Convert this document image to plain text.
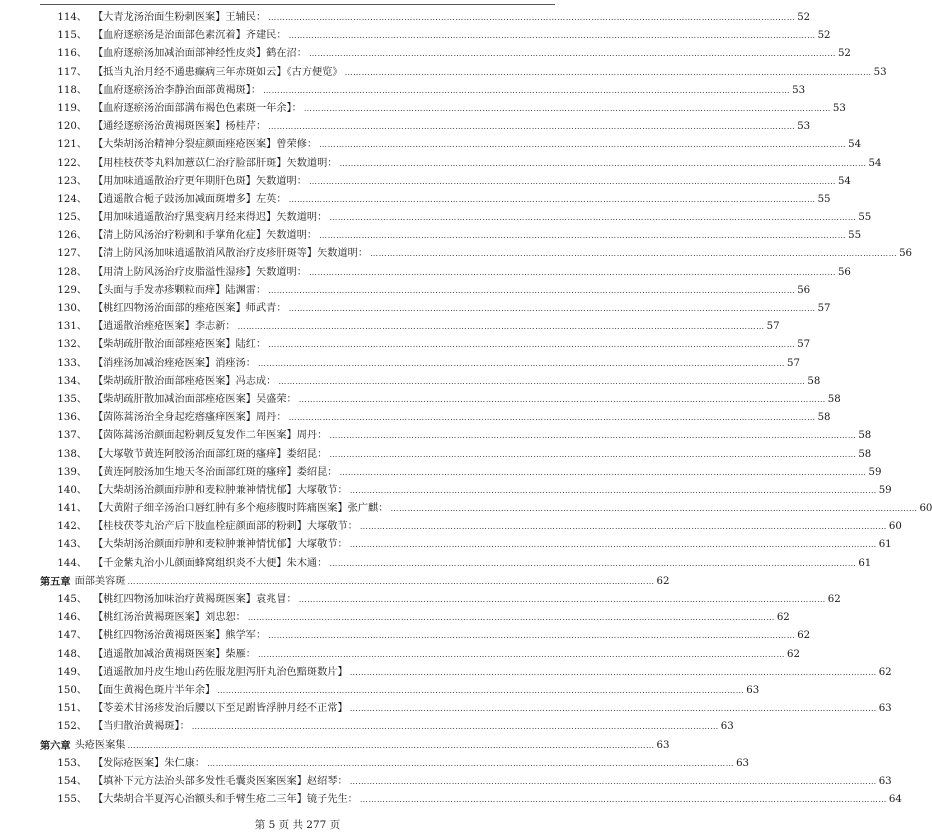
114、 【大青龙汤治面生粉刺医案】王辅民： ……………………………………………………………………………………………………………………………………………………………………	52
115、 【血府逐瘀汤是治面部色素沉着】齐建民： ……………………………………………………………………………………………………………………………………………………………………	52
116、 【血府逐瘀汤加减治面部神经性皮炎】鹤在沼： ……………………………………………………………………………………………………………………………………………………………………	52
117、 【抵当丸治月经不通患癫病三年赤斑如云】《古方便览》 ……………………………………………………………………………………………………………………………………………………………………	53
118、 【血府逐瘀汤治李静治面部黄褐斑】： ……………………………………………………………………………………………………………………………………………………………………	53
119、 【血府逐瘀汤治面部满布褐色色素斑一年余】： ……………………………………………………………………………………………………………………………………………………………………	53
120、 【通经逐瘀汤治黄褐斑医案】杨桂芹： ……………………………………………………………………………………………………………………………………………………………………	53
121、 【大柴胡汤治精神分裂症颜面痤疮医案】曾荣修： ……………………………………………………………………………………………………………………………………………………………………	54
122、 【用桂枝茯苓丸料加薏苡仁治疗脸部肝斑】矢数道明： ……………………………………………………………………………………………………………………………………………………………………	54
123、 【用加味逍遥散治疗更年期肝色斑】矢数道明： ……………………………………………………………………………………………………………………………………………………………………	54
124、 【逍遥散合栀子豉汤加减面斑增多】左英： ……………………………………………………………………………………………………………………………………………………………………	55
125、 【用加味逍遥散治疗黑变病月经来得迟】矢数道明： ……………………………………………………………………………………………………………………………………………………………………	55
126、 【清上防风汤治疗粉刺和手掌角化症】矢数道明： ……………………………………………………………………………………………………………………………………………………………………	55
127、 【清上防风汤加味逍遥散消风散治疗皮疹肝斑等】矢数道明： ……………………………………………………………………………………………………………………………………………………………………	56
128、 【用清上防风汤治疗皮脂溢性湿疹】矢数道明： ……………………………………………………………………………………………………………………………………………………………………	56
129、 【头面与手发赤疹颗粒而痒】陆渊雷： ……………………………………………………………………………………………………………………………………………………………………	56
130、 【桃红四物汤治面部的痤疮医案】师武青： ……………………………………………………………………………………………………………………………………………………………………	57
131、 【逍遥散治痤疮医案】李志新： ……………………………………………………………………………………………………………………………………………………………………	57
132、 【柴胡疏肝散治面部痤疮医案】陆红： ……………………………………………………………………………………………………………………………………………………………………	57
133、 【消痤汤加减治痤疮医案】消痤汤： ……………………………………………………………………………………………………………………………………………………………………	57
134、 【柴胡疏肝散治面部痤疮医案】冯志成： ……………………………………………………………………………………………………………………………………………………………………	58
135、 【柴胡疏肝散加减治面部痤疮医案】吴盛荣： ……………………………………………………………………………………………………………………………………………………………………	58
136、 【茵陈蒿汤治全身起疙瘩瘙痒医案】周丹： ……………………………………………………………………………………………………………………………………………………………………	58
137、 【茵陈蒿汤治颜面起粉刺反复发作二年医案】周丹： ……………………………………………………………………………………………………………………………………………………………………	58
138、 【大塚敬节黄连阿胶汤治面部红斑的瘙痒】娄绍昆： ……………………………………………………………………………………………………………………………………………………………………	58
139、 【黄连阿胶汤加生地天冬治面部红斑的瘙痒】娄绍昆： ……………………………………………………………………………………………………………………………………………………………………	59
140、 【大柴胡汤治颜面疖肿和麦粒肿兼神情忧郁】大塚敬节： ……………………………………………………………………………………………………………………………………………………………………	59
141、 【大黄附子细辛汤治口唇红肿有多个疱疹腹时阵痛医案】张广麒： ……………………………………………………………………………………………………………………………………………………………………	60
142、 【桂枝茯苓丸治产后下肢血栓症颜面部的粉刺】大塚敬节： ……………………………………………………………………………………………………………………………………………………………………	60
143、 【大柴胡汤治颜面疖肿和麦粒肿兼神情忧郁】大塚敬节： ……………………………………………………………………………………………………………………………………………………………………	61
144、 【千金紫丸治小儿颜面蜂窝组织炎不大便】朱木通： ……………………………………………………………………………………………………………………………………………………………………	61
第五章 面部美容斑 ……………………………………………………………………………………………………………………………………………………………………	62
145、 【桃红四物汤加味治疗黄褐斑医案】袁兆冒： ……………………………………………………………………………………………………………………………………………………………………	62
146、 【桃红汤治黄褐斑医案】刘忠恕： ……………………………………………………………………………………………………………………………………………………………………	62
147、 【桃红四物汤治黄褐斑医案】熊学军： ……………………………………………………………………………………………………………………………………………………………………	62
148、 【逍遥散加减治黄褐斑医案】柴雁： ……………………………………………………………………………………………………………………………………………………………………	62
149、 【逍遥散加丹皮生地山药佐服龙胆泻肝丸治色黯斑数片】 ……………………………………………………………………………………………………………………………………………………………………	62
150、 【面生黄褐色斑片半年余】 ……………………………………………………………………………………………………………………………………………………………………	63
151、 【苓姜术甘汤疹发治后腰以下至足跗皆浮肿月经不正常】 ……………………………………………………………………………………………………………………………………………………………………	63
152、 【当归散治黄褐斑】： ……………………………………………………………………………………………………………………………………………………………………	63
第六章 头疮医案集 ……………………………………………………………………………………………………………………………………………………………………	63
153、 【发际疮医案】朱仁康： ……………………………………………………………………………………………………………………………………………………………………	63
154、 【填补下元方法治头部多发性毛囊炎医案医案】赵绍琴： ……………………………………………………………………………………………………………………………………………………………………	63
155、 【大柴胡合半夏泻心治额头和手臂生疮二三年】镜子先生： ……………………………………………………………………………………………………………………………………………………………………	64
第 5 页 共 277 页
